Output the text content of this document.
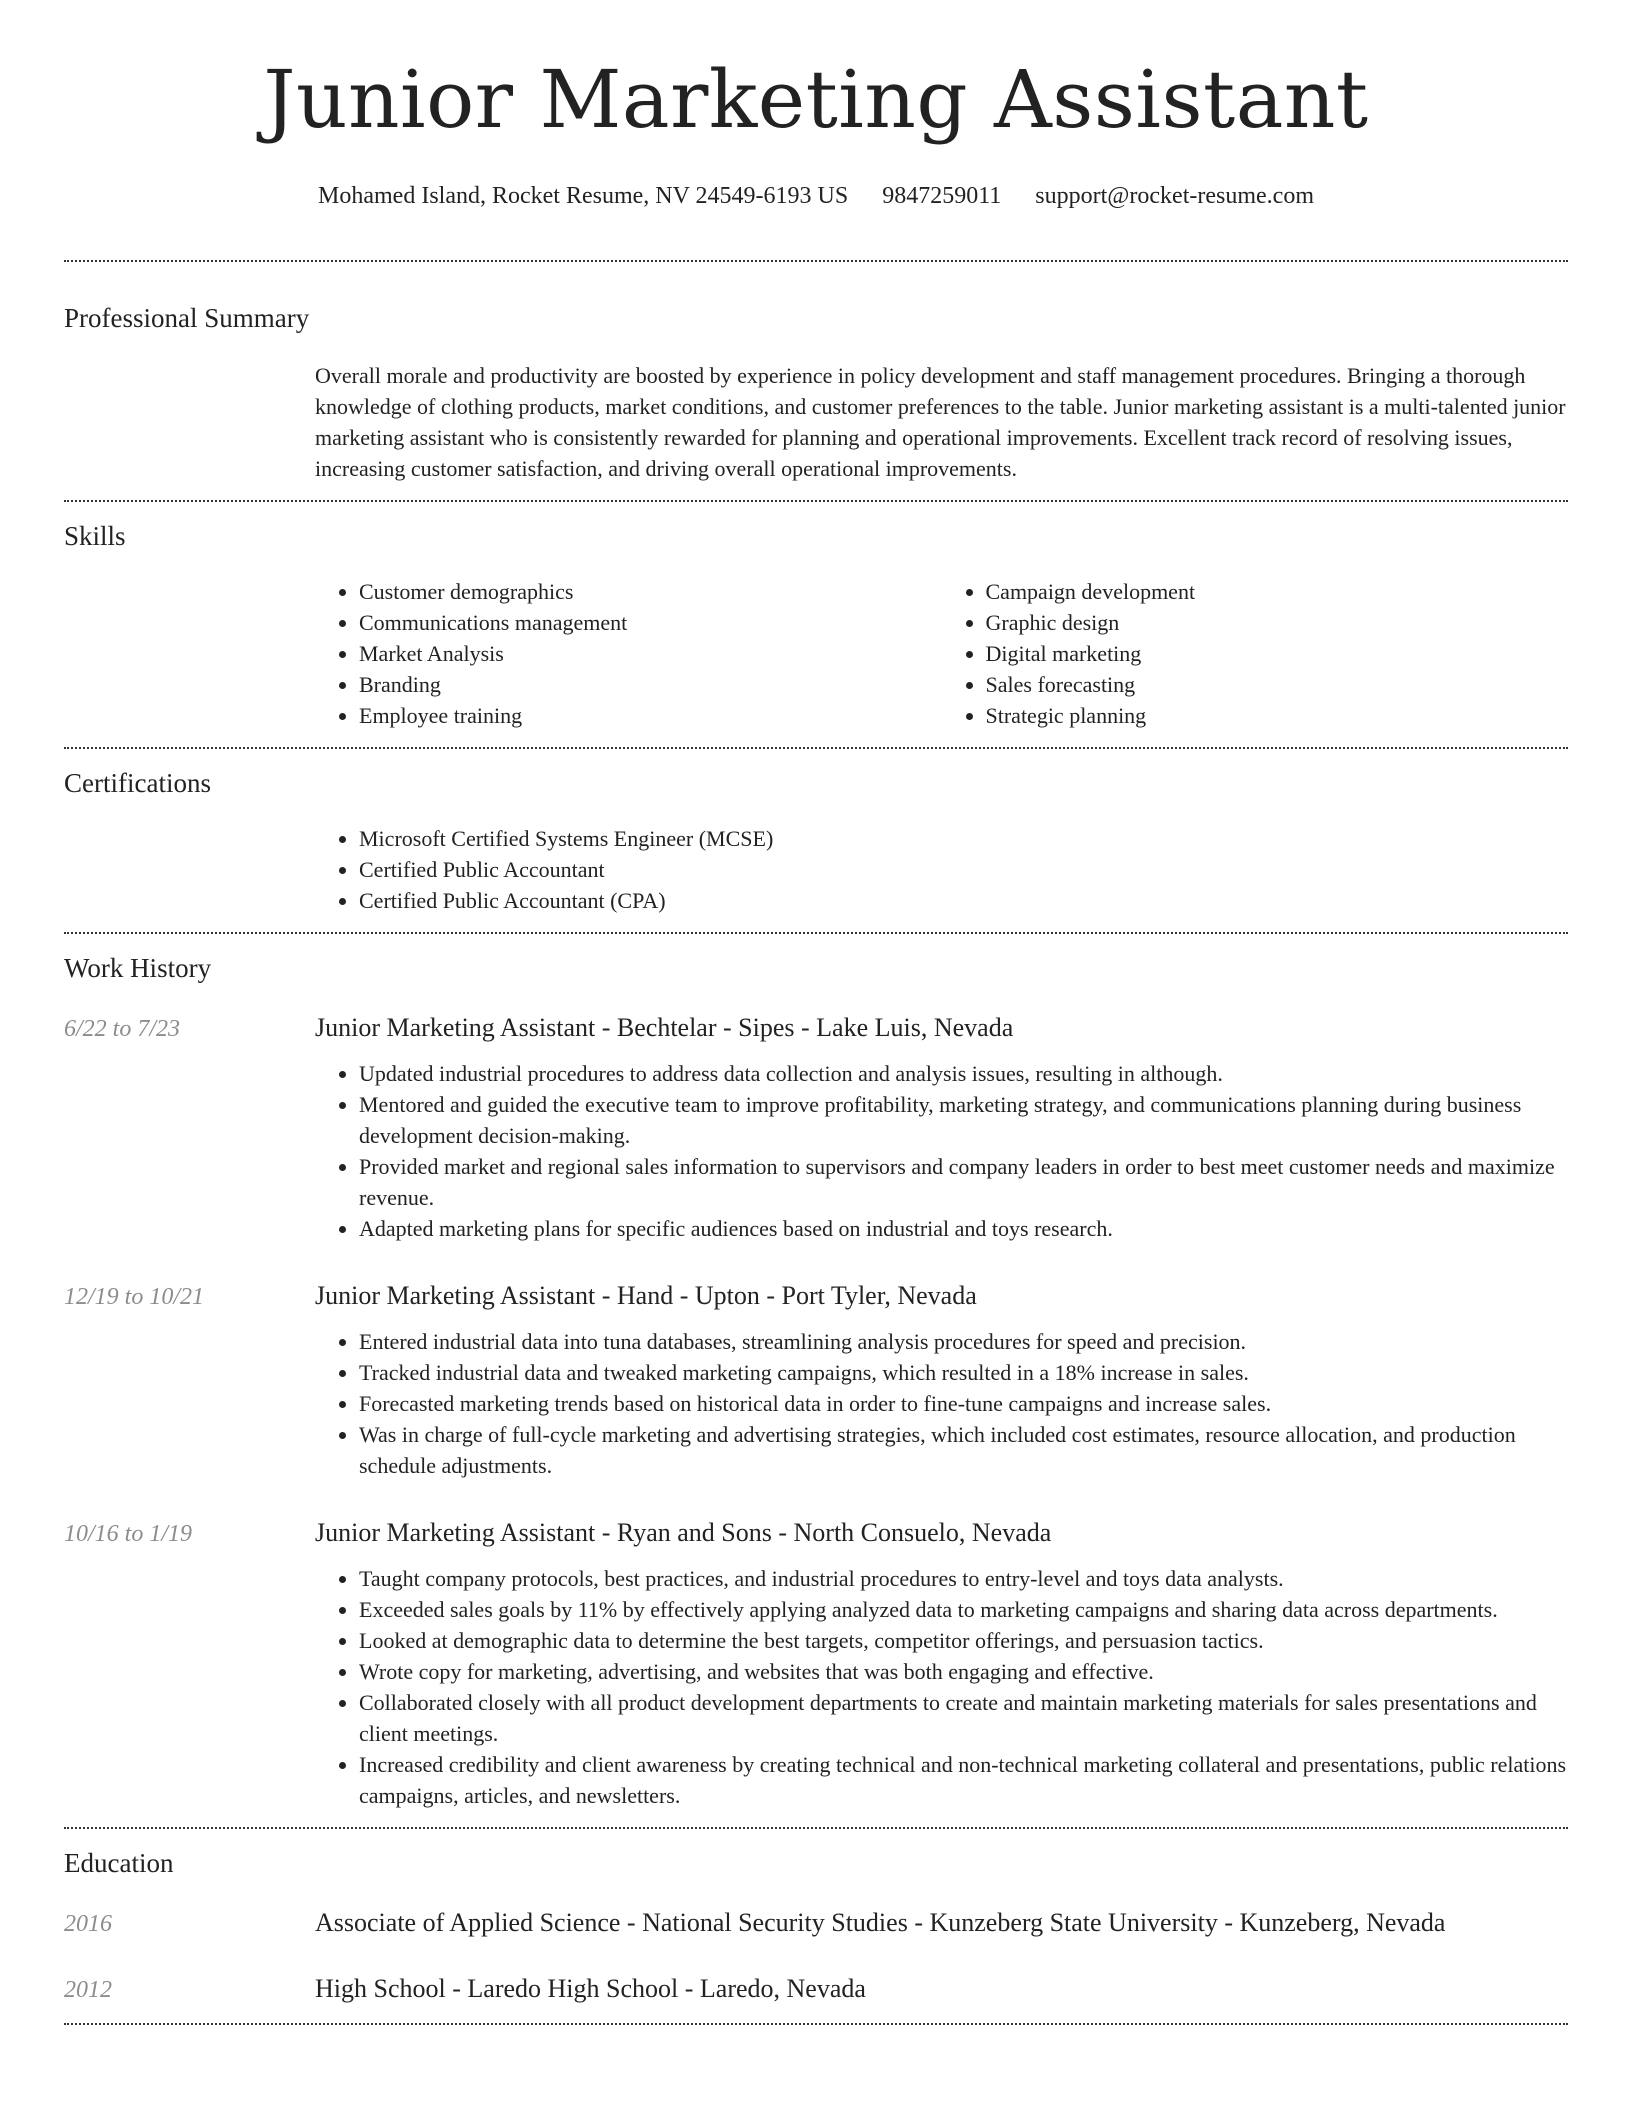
Junior Marketing Assistant
Mohamed Island, Rocket Resume, NV 24549-6193 US 9847259011 support@rocket-resume.com
Professional Summary
Overall morale and productivity are boosted by experience in policy development and staff management procedures. Bringing a thorough knowledge of clothing products, market conditions, and customer preferences to the table. Junior marketing assistant is a multi-talented junior marketing assistant who is consistently rewarded for planning and operational improvements. Excellent track record of resolving issues, increasing customer satisfaction, and driving overall operational improvements.
Skills
• Customer demographics
• Communications management
• Market Analysis
• Branding
• Employee training
• Campaign development
• Graphic design
• Digital marketing
• Sales forecasting
• Strategic planning
Certifications
• Microsoft Certified Systems Engineer (MCSE)
• Certified Public Accountant
• Certified Public Accountant (CPA)
Work History
6/22 to 7/23	Junior Marketing Assistant - Bechtelar - Sipes - Lake Luis, Nevada
• Updated industrial procedures to address data collection and analysis issues, resulting in although.
• Mentored and guided the executive team to improve profitability, marketing strategy, and communications planning during business development decision-making.
• Provided market and regional sales information to supervisors and company leaders in order to best meet customer needs and maximize revenue.
• Adapted marketing plans for specific audiences based on industrial and toys research.
12/19 to 10/21	Junior Marketing Assistant - Hand - Upton - Port Tyler, Nevada
• Entered industrial data into tuna databases, streamlining analysis procedures for speed and precision.
• Tracked industrial data and tweaked marketing campaigns, which resulted in a 18% increase in sales.
• Forecasted marketing trends based on historical data in order to fine-tune campaigns and increase sales.
• Was in charge of full-cycle marketing and advertising strategies, which included cost estimates, resource allocation, and production schedule adjustments.
10/16 to 1/19	Junior Marketing Assistant - Ryan and Sons - North Consuelo, Nevada
• Taught company protocols, best practices, and industrial procedures to entry-level and toys data analysts.
• Exceeded sales goals by 11% by effectively applying analyzed data to marketing campaigns and sharing data across departments.
• Looked at demographic data to determine the best targets, competitor offerings, and persuasion tactics.
• Wrote copy for marketing, advertising, and websites that was both engaging and effective.
• Collaborated closely with all product development departments to create and maintain marketing materials for sales presentations and client meetings.
• Increased credibility and client awareness by creating technical and non-technical marketing collateral and presentations, public relations campaigns, articles, and newsletters.
Education
2016	Associate of Applied Science - National Security Studies - Kunzeberg State University - Kunzeberg, Nevada
2012	High School - Laredo High School - Laredo, Nevada
